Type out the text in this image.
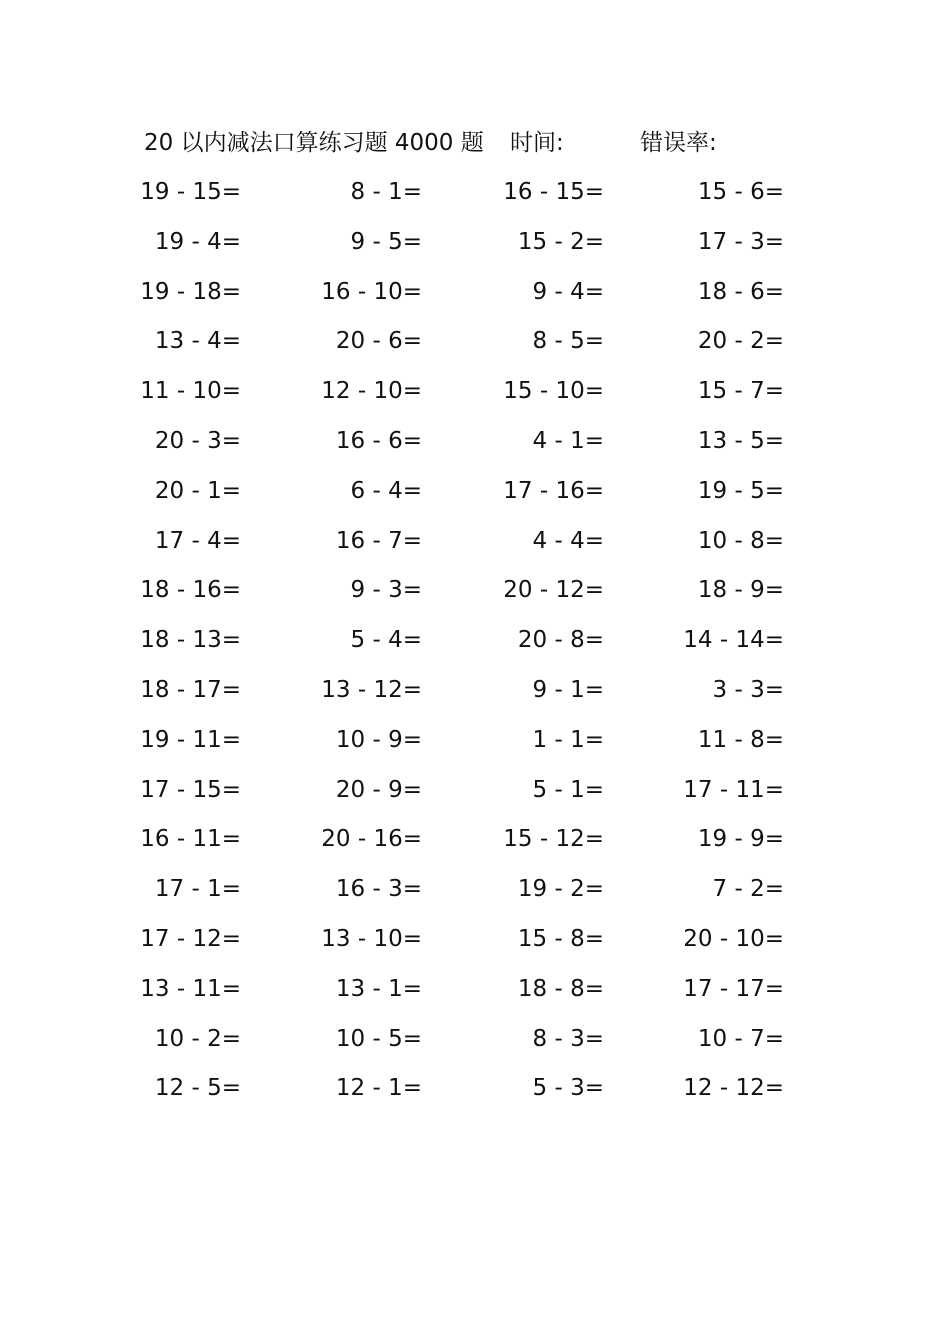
20 以内减法口算练习题 4000 题 时间:	错误率:
19 - 15=	8 - 1=	16 - 15=	15 - 6=
19 - 4=	9 - 5=	15 - 2=	17 - 3=
19 - 18=	16 - 10=	9 - 4=	18 - 6=
13 - 4=	20 - 6=	8 - 5=	20 - 2=
11 - 10=	12 - 10=	15 - 10=	15 - 7=
20 - 3=	16 - 6=	4 - 1=	13 - 5=
20 - 1=	6 - 4=	17 - 16=	19 - 5=
17 - 4=	16 - 7=	4 - 4=	10 - 8=
18 - 16=	9 - 3=	20 - 12=	18 - 9=
18 - 13=	5 - 4=	20 - 8=	14 - 14=
18 - 17=	13 - 12=	9 - 1=	3 - 3=
19 - 11=	10 - 9=	1 - 1=	11 - 8=
17 - 15=	20 - 9=	5 - 1=	17 - 11=
16 - 11=	20 - 16=	15 - 12=	19 - 9=
17 - 1=	16 - 3=	19 - 2=	7 - 2=
17 - 12=	13 - 10=	15 - 8=	20 - 10=
13 - 11=	13 - 1=	18 - 8=	17 - 17=
10 - 2=	10 - 5=	8 - 3=	10 - 7=
12 - 5=	12 - 1=	5 - 3=	12 - 12=
